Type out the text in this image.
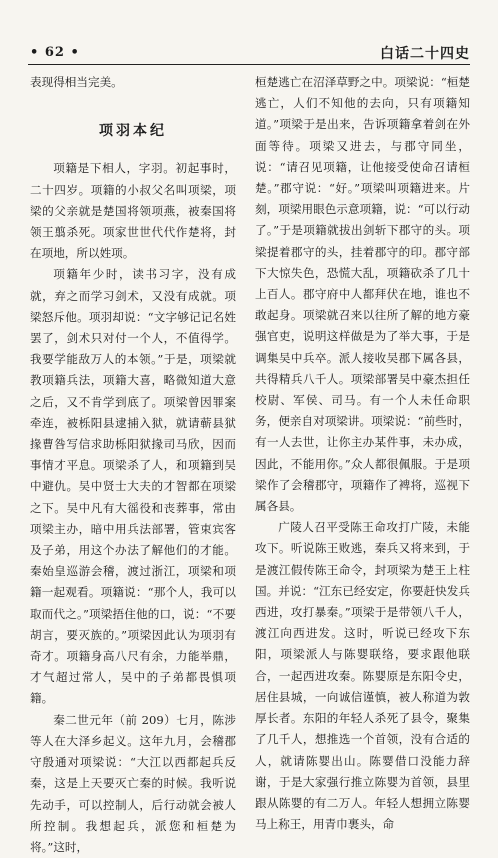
• 62 •	白话二十四史

表现得相当完美。

项羽本纪

项籍是下相人，字羽。初起事时，二十四岁。项籍的小叔父名叫项梁，项梁的父亲就是楚国将领项燕，被秦国将领王翦杀死。项家世世代代作楚将，封在项地，所以姓项。

项籍年少时，读书习字，没有成就，弃之而学习剑术，又没有成就。项梁怒斥他。项羽却说：“文字够记记名姓罢了，剑术只对付一个人，不值得学。我要学能敌万人的本领。”于是，项梁就教项籍兵法，项籍大喜，略微知道大意之后，又不肯学到底了。项梁曾因罪案牵连，被栎阳县逮捕入狱，就请蕲县狱掾曹咎写信求助栎阳狱掾司马欣，因而事情才平息。项梁杀了人，和项籍到吴中避仇。吴中贤士大夫的才智都在项梁之下。吴中凡有大徭役和丧葬事，常由项梁主办，暗中用兵法部署，管束宾客及子弟，用这个办法了解他们的才能。秦始皇巡游会稽，渡过浙江，项梁和项籍一起观看。项籍说：“那个人，我可以取而代之。”项梁捂住他的口，说：“不要胡言，要灭族的。”项梁因此认为项羽有奇才。项籍身高八尺有余，力能举鼎，才气超过常人，吴中的子弟都畏惧项籍。

秦二世元年（前 209）七月，陈涉等人在大泽乡起义。这年九月，会稽郡守殷通对项梁说：“大江以西都起兵反秦，这是上天要灭亡秦的时候。我听说先动手，可以控制人，后行动就会被人所控制。我想起兵，派您和桓楚为将。”这时，

桓楚逃亡在沼泽草野之中。项梁说：“桓楚逃亡，人们不知他的去向，只有项籍知道。”项梁于是出来，告诉项籍拿着剑在外面等待。项梁又进去，与郡守同坐，说：“请召见项籍，让他接受使命召请桓楚。”郡守说：“好。”项梁叫项籍进来。片刻，项梁用眼色示意项籍，说：“可以行动了。”于是项籍就拔出剑斩下郡守的头。项梁提着郡守的头，挂着郡守的印。郡守部下大惊失色，恐慌大乱，项籍砍杀了几十上百人。郡守府中人都拜伏在地，谁也不敢起身。项梁就召来以往所了解的地方豪强官吏，说明这样做是为了举大事，于是调集吴中兵卒。派人接收吴郡下属各县，共得精兵八千人。项梁部署吴中豪杰担任校尉、军侯、司马。有一个人未任命职务，便亲自对项梁讲。项梁说：“前些时，有一人去世，让你主办某件事，未办成，因此，不能用你。”众人都很佩服。于是项梁作了会稽郡守，项籍作了裨将，巡视下属各县。

广陵人召平受陈王命攻打广陵，未能攻下。听说陈王败逃，秦兵又将来到，于是渡江假传陈王命令，封项梁为楚王上柱国。并说：“江东已经安定，你要赶快发兵西进，攻打暴秦。”项梁于是带领八千人，渡江向西进发。这时，听说已经攻下东阳，项梁派人与陈婴联络，要求跟他联合，一起西进攻秦。陈婴原是东阳令史，居住县城，一向诚信谨慎，被人称道为敦厚长者。东阳的年轻人杀死了县令，聚集了几千人，想推选一个首领，没有合适的人，就请陈婴出山。陈婴借口没能力辞谢，于是大家强行推立陈婴为首领，县里跟从陈婴的有二万人。年轻人想拥立陈婴马上称王，用青巾裹头，命
